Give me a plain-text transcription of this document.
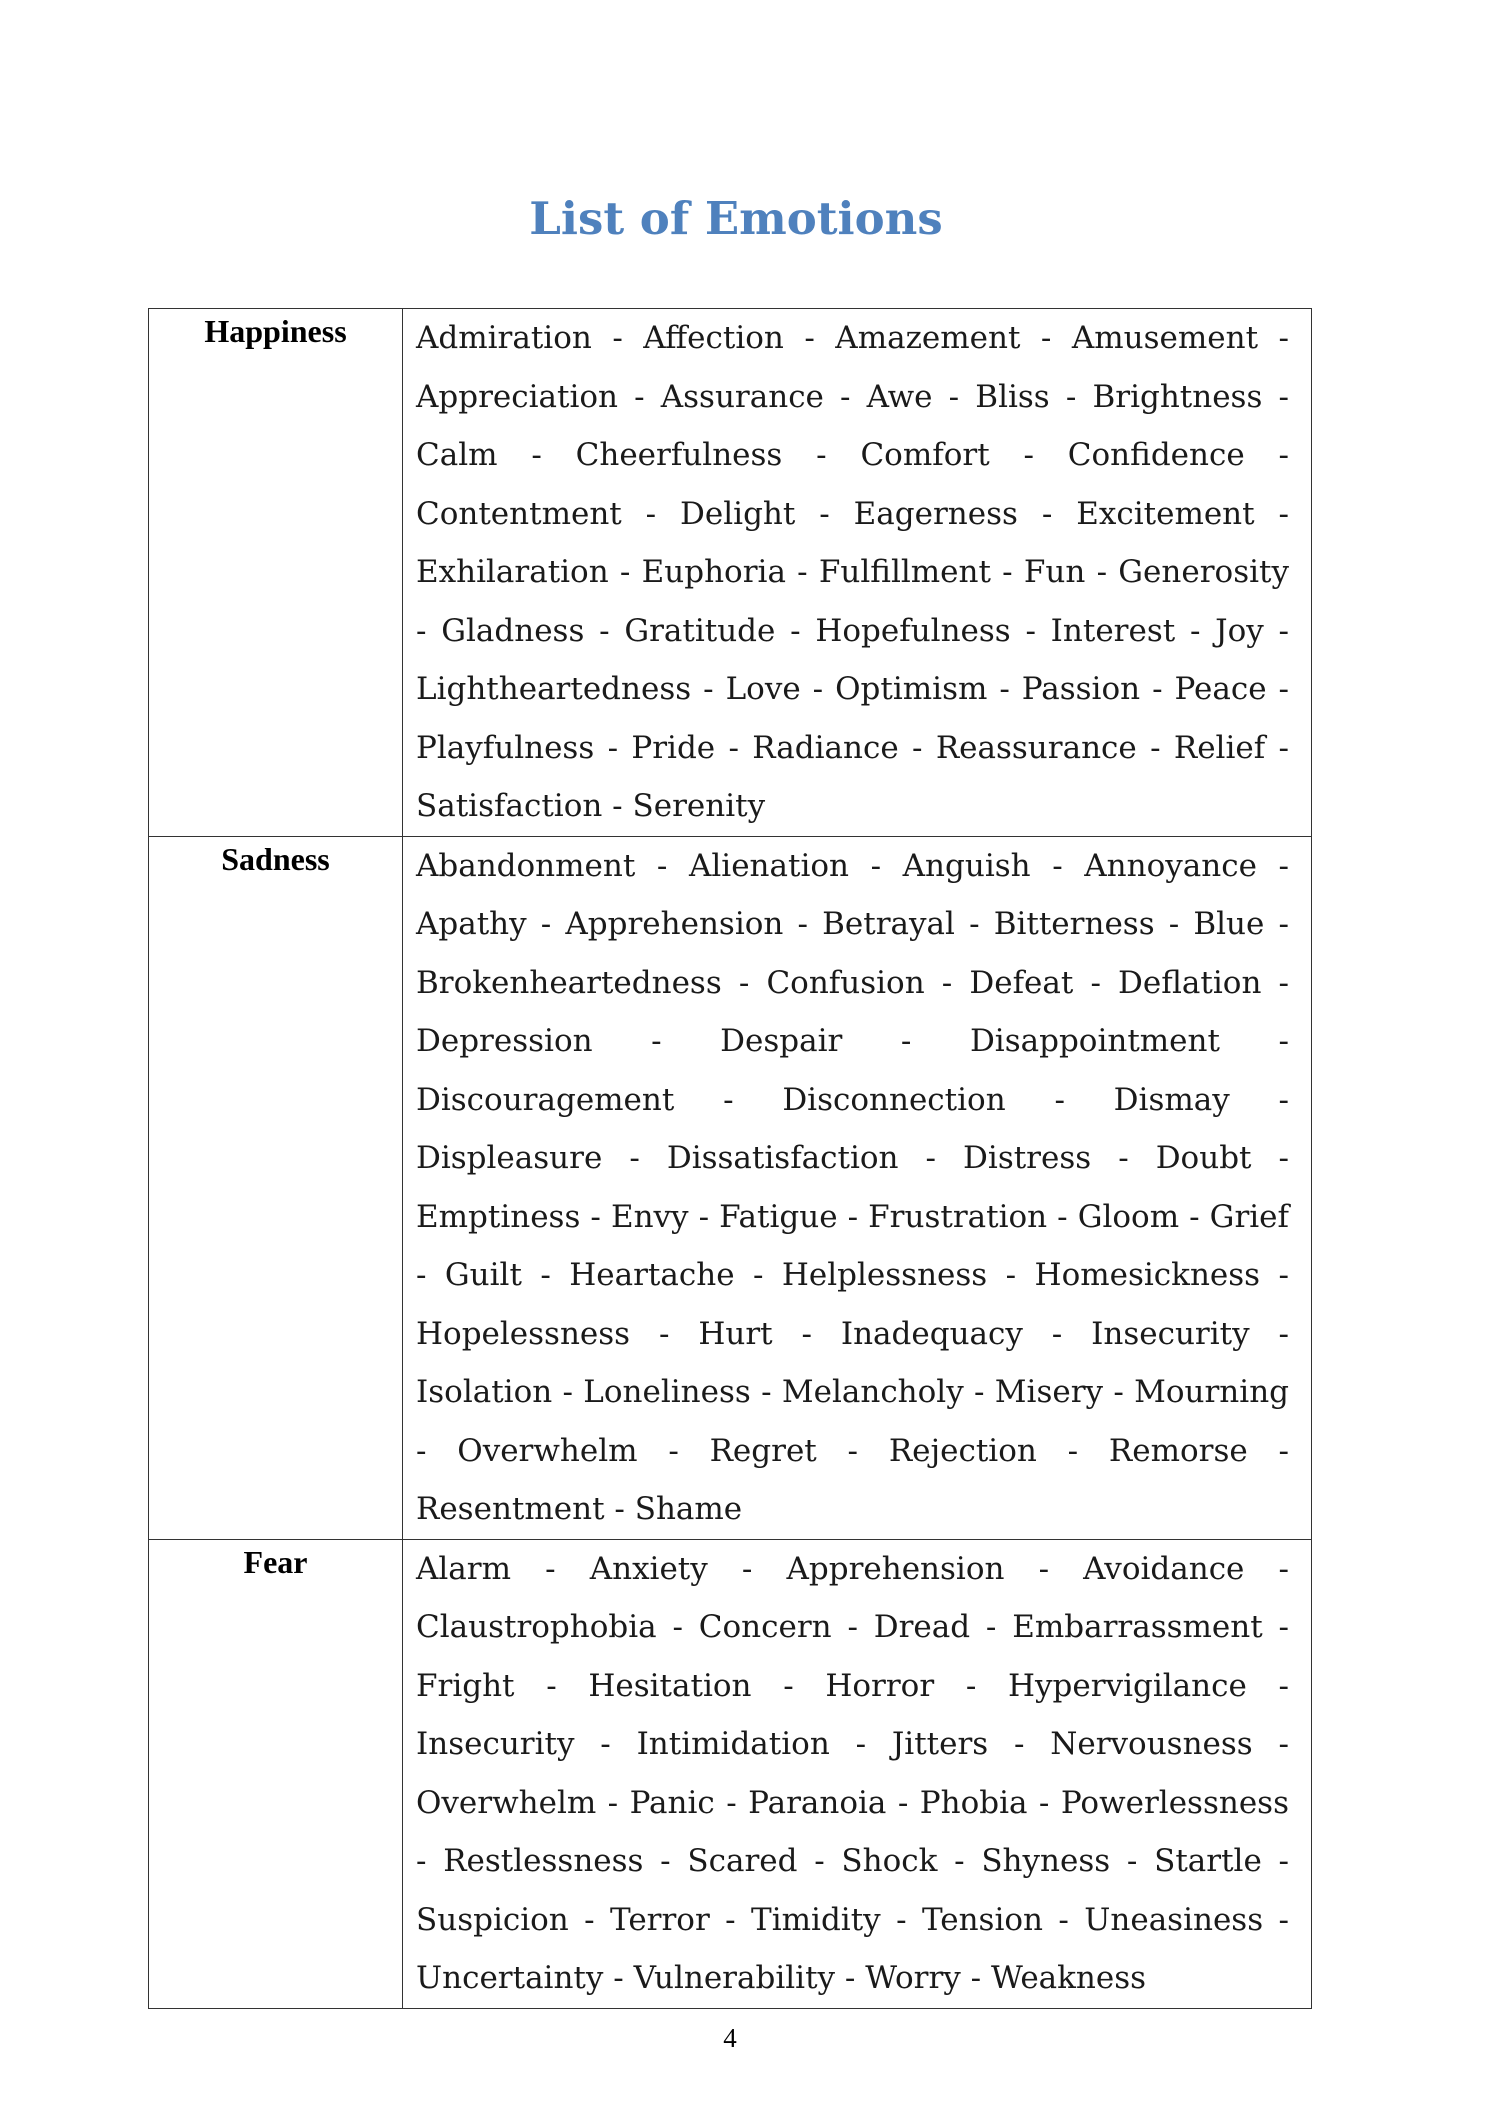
List of Emotions
Happiness	Admiration - Affection - Amazement - Amusement - Appreciation - Assurance - Awe - Bliss - Brightness - Calm - Cheerfulness - Comfort - Confidence - Contentment - Delight - Eagerness - Excitement - Exhilaration - Euphoria - Fulfillment - Fun - Generosity - Gladness - Gratitude - Hopefulness - Interest - Joy - Lightheartedness - Love - Optimism - Passion - Peace - Playfulness - Pride - Radiance - Reassurance - Relief - Satisfaction - Serenity
Sadness	Abandonment - Alienation - Anguish - Annoyance - Apathy - Apprehension - Betrayal - Bitterness - Blue - Brokenheartedness - Confusion - Defeat - Deflation - Depression - Despair - Disappointment - Discouragement - Disconnection - Dismay - Displeasure - Dissatisfaction - Distress - Doubt - Emptiness - Envy - Fatigue - Frustration - Gloom - Grief - Guilt - Heartache - Helplessness - Homesickness - Hopelessness - Hurt - Inadequacy - Insecurity - Isolation - Loneliness - Melancholy - Misery - Mourning - Overwhelm - Regret - Rejection - Remorse - Resentment - Shame
Fear	Alarm - Anxiety - Apprehension - Avoidance - Claustrophobia - Concern - Dread - Embarrassment - Fright - Hesitation - Horror - Hypervigilance - Insecurity - Intimidation - Jitters - Nervousness - Overwhelm - Panic - Paranoia - Phobia - Powerlessness - Restlessness - Scared - Shock - Shyness - Startle - Suspicion - Terror - Timidity - Tension - Uneasiness - Uncertainty - Vulnerability - Worry - Weakness
4
